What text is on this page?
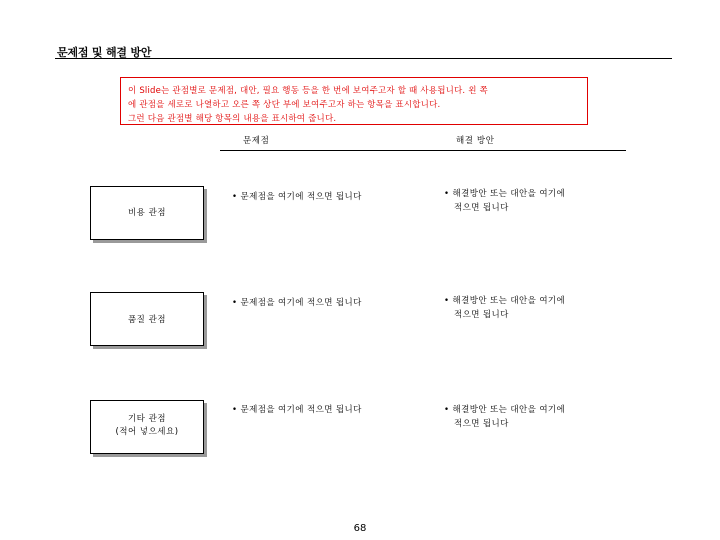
문제점 및 해결 방안
이 Slide는 관점별로 문제점, 대안, 필요 행동 등을 한 번에 보여주고자 할 때 사용됩니다. 왼 쪽
에 관점을 세로로 나열하고 오른 쪽 상단 부에 보여주고자 하는 항목을 표시합니다.
그런 다음 관점별 해당 항목의 내용을 표시하여 줍니다.
문제점	해결 방안
비용 관점
• 문제점을 여기에 적으면 됩니다	• 해결방안 또는 대안을 여기에
적으면 됩니다
품질 관점
• 문제점을 여기에 적으면 됩니다	• 해결방안 또는 대안을 여기에
적으면 됩니다
기타 관점
(적어 넣으세요)
• 문제점을 여기에 적으면 됩니다	• 해결방안 또는 대안을 여기에
적으면 됩니다
68
